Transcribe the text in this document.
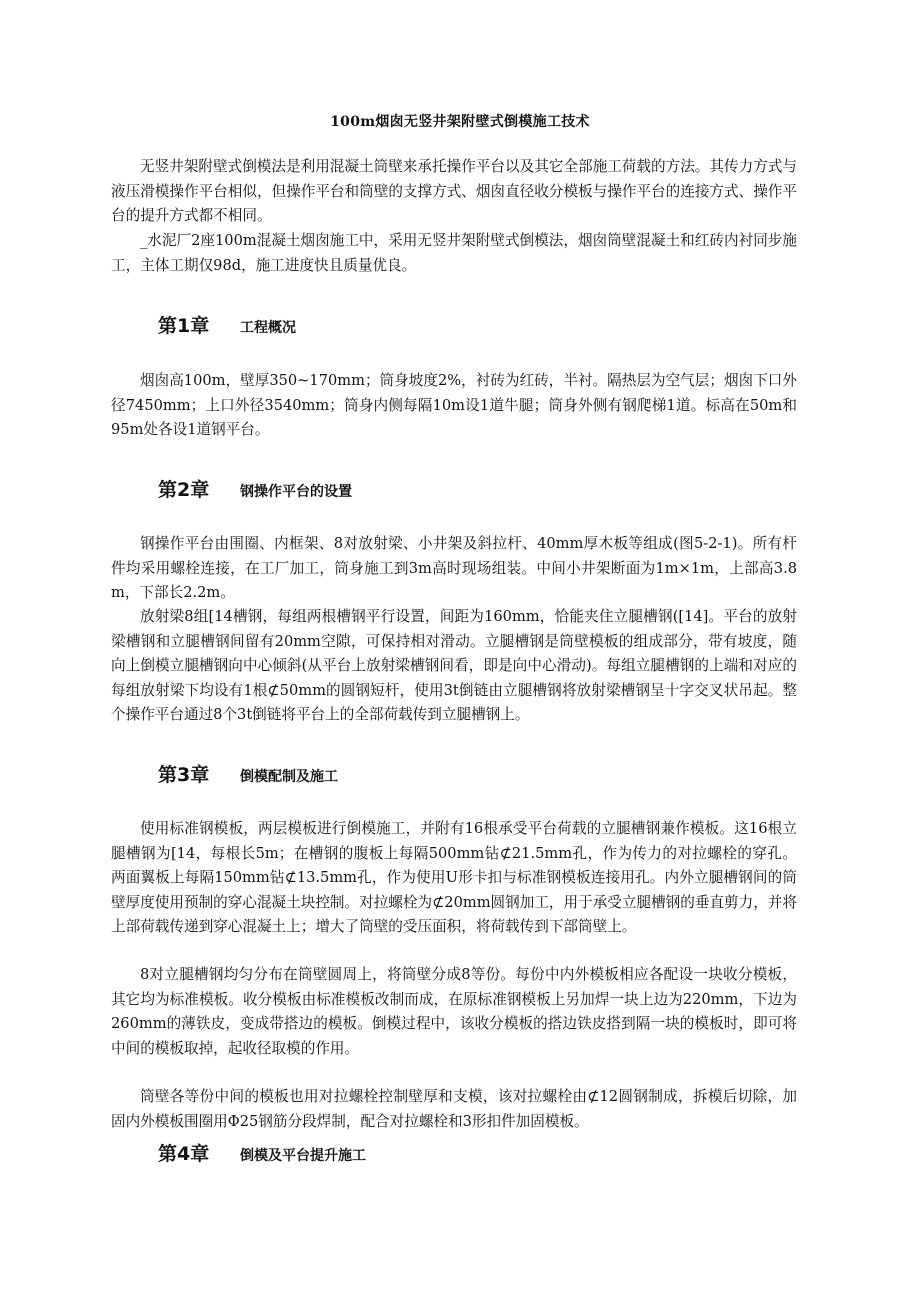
100m烟囱无竖井架附壁式倒模施工技术

无竖井架附壁式倒模法是利用混凝土筒壁来承托操作平台以及其它全部施工荷载的方法。其传力方式与液压滑模操作平台相似，但操作平台和筒壁的支撑方式、烟囱直径收分模板与操作平台的连接方式、操作平台的提升方式都不相同。

_水泥厂2座100m混凝土烟囱施工中，采用无竖井架附壁式倒模法，烟囱筒壁混凝土和红砖内衬同步施工，主体工期仅98d，施工进度快且质量优良。

第1章	工程概况

烟囱高100m，壁厚350~170mm；筒身坡度2%，衬砖为红砖，半衬。隔热层为空气层；烟囱下口外径7450mm；上口外径3540mm；筒身内侧每隔10m设1道牛腿；筒身外侧有钢爬梯1道。标高在50m和95m处各设1道钢平台。

第2章	钢操作平台的设置

钢操作平台由围圈、内框架、8对放射梁、小井架及斜拉杆、40mm厚木板等组成(图5-2-1)。所有杆件均采用螺栓连接，在工厂加工，筒身施工到3m高时现场组装。中间小井架断面为1m×1m，上部高3.8m，下部长2.2m。

放射梁8组[14槽钢，每组两根槽钢平行设置，间距为160mm，恰能夹住立腿槽钢([14]。平台的放射梁槽钢和立腿槽钢间留有20mm空隙，可保持相对滑动。立腿槽钢是筒壁模板的组成部分，带有坡度，随向上倒模立腿槽钢向中心倾斜(从平台上放射梁槽钢间看，即是向中心滑动)。每组立腿槽钢的上端和对应的每组放射梁下均设有1根⊄50mm的圆钢短杆，使用3t倒链由立腿槽钢将放射梁槽钢呈十字交叉状吊起。整个操作平台通过8个3t倒链将平台上的全部荷载传到立腿槽钢上。

第3章	倒模配制及施工

使用标准钢模板，两层模板进行倒模施工，并附有16根承受平台荷载的立腿槽钢兼作模板。这16根立腿槽钢为[14，每根长5m；在槽钢的腹板上每隔500mm钻⊄21.5mm孔，作为传力的对拉螺栓的穿孔。两面翼板上每隔150mm钻⊄13.5mm孔，作为使用U形卡扣与标准钢模板连接用孔。内外立腿槽钢间的筒壁厚度使用预制的穿心混凝土块控制。对拉螺栓为⊄20mm圆钢加工，用于承受立腿槽钢的垂直剪力，并将上部荷载传递到穿心混凝土上；增大了筒壁的受压面积，将荷载传到下部筒壁上。

8对立腿槽钢均匀分布在筒壁圆周上，将筒壁分成8等份。每份中内外模板相应各配设一块收分模板，其它均为标准模板。收分模板由标准模板改制而成，在原标准钢模板上另加焊一块上边为220mm，下边为260mm的薄铁皮，变成带搭边的模板。倒模过程中，该收分模板的搭边铁皮搭到隔一块的模板时，即可将中间的模板取掉，起收径取模的作用。

筒壁各等份中间的模板也用对拉螺栓控制壁厚和支模，该对拉螺栓由⊄12圆钢制成，拆模后切除，加固内外模板围圈用Φ25钢筋分段焊制，配合对拉螺栓和3形扣件加固模板。

第4章	倒模及平台提升施工
